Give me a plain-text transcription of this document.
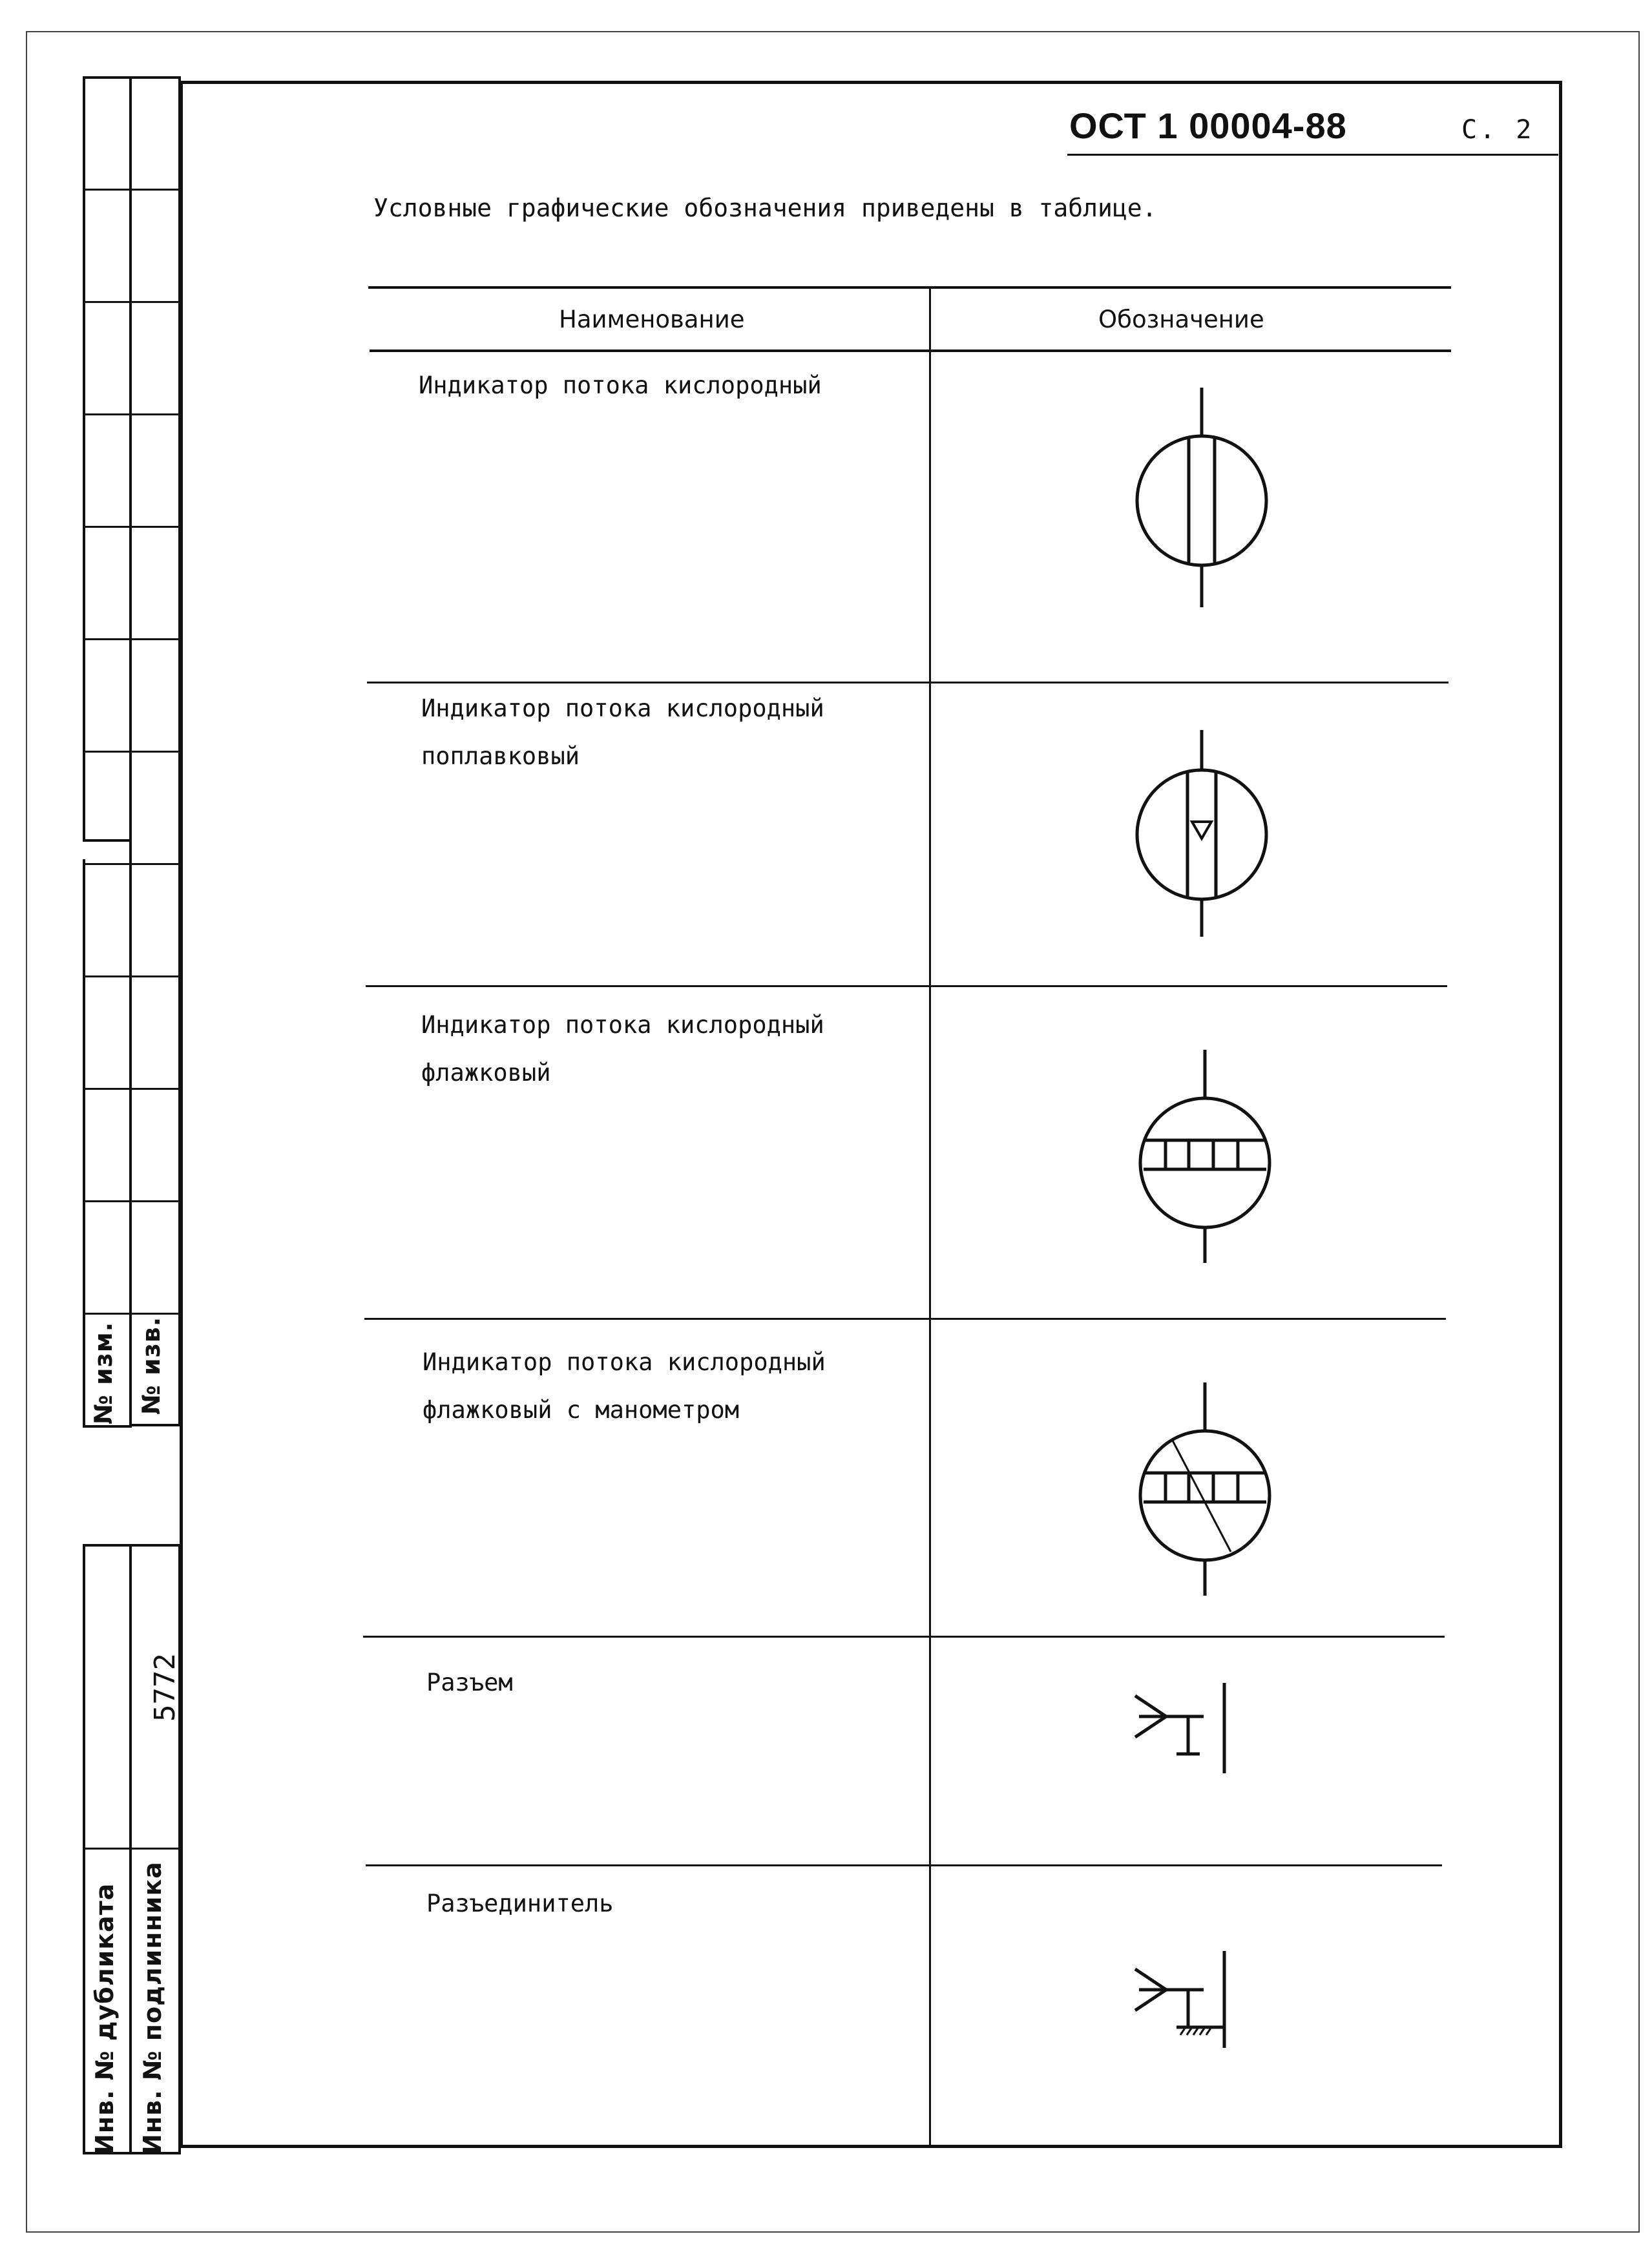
№ изм. № изв.
5772
Инв. № дубликата Инв. № подлинника
ОСТ 1 00004-88	С. 2
Условные графические обозначения приведены в таблице.
Наименование	Обозначение
Индикатор потока кислородный
Индикатор потока кислородный
поплавковый
Индикатор потока кислородный
флажковый
Индикатор потока кислородный
флажковый с манометром
Разъем
Разъединитель
